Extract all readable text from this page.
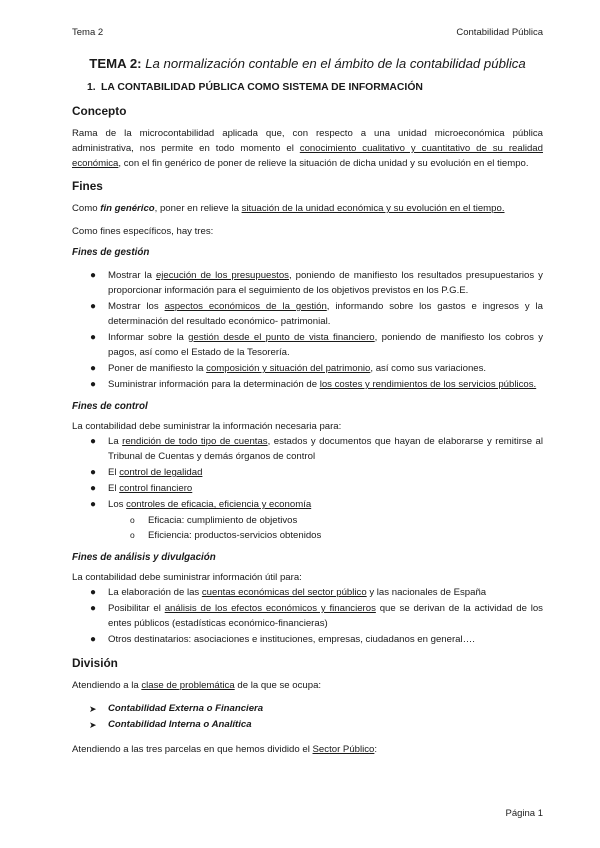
Tema 2	Contabilidad Pública
TEMA 2: La normalización contable en el ámbito de la contabilidad pública
1. LA CONTABILIDAD PÚBLICA COMO SISTEMA DE INFORMACIÓN
Concepto

Rama de la microcontabilidad aplicada que, con respecto a una unidad microeconómica pública administrativa, nos permite en todo momento el conocimiento cualitativo y cuantitativo de su realidad económica, con el fin genérico de poner de relieve la situación de dicha unidad y su evolución en el tiempo.

Fines

Como fin genérico, poner en relieve la situación de la unidad económica y su evolución en el tiempo.

Como fines específicos, hay tres:

Fines de gestión
● Mostrar la ejecución de los presupuestos, poniendo de manifiesto los resultados presupuestarios y proporcionar información para el seguimiento de los objetivos previstos en los P.G.E.
● Mostrar los aspectos económicos de la gestión, informando sobre los gastos e ingresos y la determinación del resultado económico- patrimonial.
● Informar sobre la gestión desde el punto de vista financiero, poniendo de manifiesto los cobros y pagos, así como el Estado de la Tesorería.
● Poner de manifiesto la composición y situación del patrimonio, así como sus variaciones.
● Suministrar información para la determinación de los costes y rendimientos de los servicios públicos.
Fines de control

La contabilidad debe suministrar la información necesaria para:

● La rendición de todo tipo de cuentas, estados y documentos que hayan de elaborarse y remitirse al Tribunal de Cuentas y demás órganos de control
● El control de legalidad
● El control financiero
● Los controles de eficacia, eficiencia y economía
o Eficacia: cumplimiento de objetivos
o Eficiencia: productos-servicios obtenidos
Fines de análisis y divulgación

La contabilidad debe suministrar información útil para:

● La elaboración de las cuentas económicas del sector público y las nacionales de España
● Posibilitar el análisis de los efectos económicos y financieros que se derivan de la actividad de los entes públicos (estadísticas económico-financieras)
● Otros destinatarios: asociaciones e instituciones, empresas, ciudadanos en general….
División

Atendiendo a la clase de problemática de la que se ocupa:

➤ Contabilidad Externa o Financiera
➤ Contabilidad Interna o Analítica

Atendiendo a las tres parcelas en que hemos dividido el Sector Público:

Página 1
